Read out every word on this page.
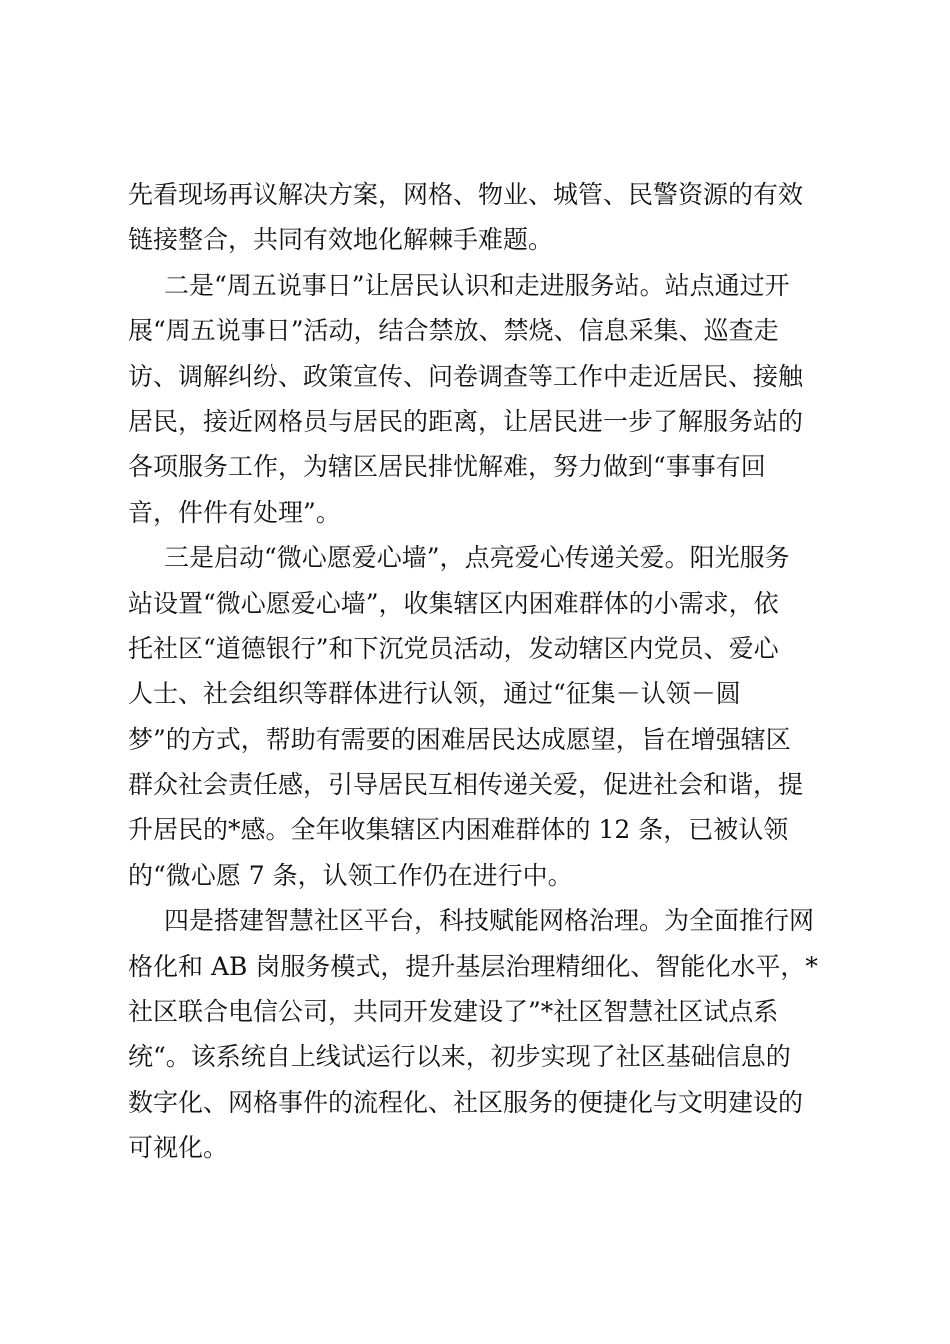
先看现场再议解决方案，网格、物业、城管、民警资源的有效
链接整合，共同有效地化解棘手难题。
二是“周五说事日”让居民认识和走进服务站。站点通过开
展“周五说事日”活动，结合禁放、禁烧、信息采集、巡查走
访、调解纠纷、政策宣传、问卷调查等工作中走近居民、接触
居民，接近网格员与居民的距离，让居民进一步了解服务站的
各项服务工作，为辖区居民排忧解难，努力做到“事事有回
音，件件有处理”。
三是启动“微心愿爱心墙”，点亮爱心传递关爱。阳光服务
站设置“微心愿爱心墙”，收集辖区内困难群体的小需求，依
托社区“道德银行”和下沉党员活动，发动辖区内党员、爱心
人士、社会组织等群体进行认领，通过“征集－认领－圆
梦”的方式，帮助有需要的困难居民达成愿望，旨在增强辖区
群众社会责任感，引导居民互相传递关爱，促进社会和谐，提
升居民的*感。全年收集辖区内困难群体的 12 条，已被认领
的“微心愿 7 条，认领工作仍在进行中。
四是搭建智慧社区平台，科技赋能网格治理。为全面推行网
格化和 AB 岗服务模式，提升基层治理精细化、智能化水平，*
社区联合电信公司，共同开发建设了”*社区智慧社区试点系
统“。该系统自上线试运行以来，初步实现了社区基础信息的
数字化、网格事件的流程化、社区服务的便捷化与文明建设的
可视化。
